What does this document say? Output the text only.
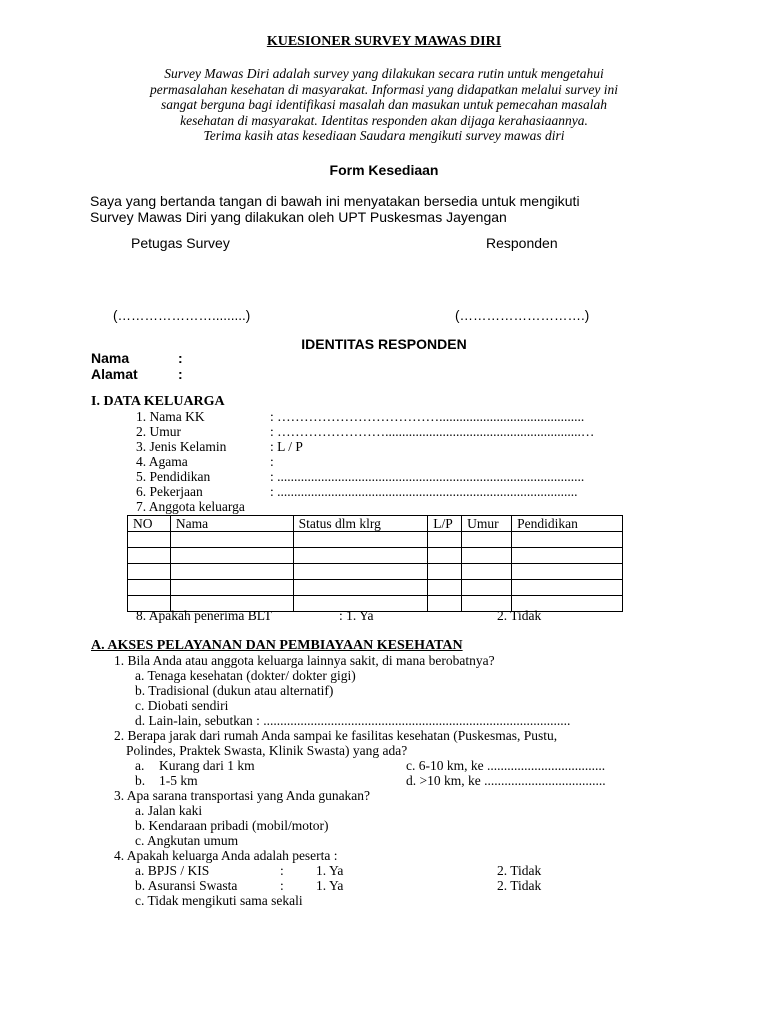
KUESIONER SURVEY MAWAS DIRI
Survey Mawas Diri adalah survey yang dilakukan secara rutin untuk mengetahui
permasalahan kesehatan di masyarakat. Informasi yang didapatkan melalui survey ini
sangat berguna bagi identifikasi masalah dan masukan untuk pemecahan masalah
kesehatan di masyarakat. Identitas responden akan dijaga kerahasiaannya.
Terima kasih atas kesediaan Saudara mengikuti survey mawas diri
Form Kesediaan
Saya yang bertanda tangan di bawah ini menyatakan bersedia untuk mengikuti
Survey Mawas Diri yang dilakukan oleh UPT Puskesmas Jayengan
Petugas Survey	Responden
(………………….........)	(……………………….)
IDENTITAS RESPONDEN
Nama	:
Alamat	:
I. DATA KELUARGA
1. Nama KK	: ………………………………...........................................
2. Umur	: ……………………..........................................................…
3. Jenis Kelamin	: L / P
4. Agama	:
5. Pendidikan	: ...........................................................................................
6. Pekerjaan	: .........................................................................................
7. Anggota keluarga
NO	Nama	Status dlm klrg	L/P	Umur	Pendidikan

8. Apakah penerima BLT	: 1. Ya	2. Tidak
A. AKSES PELAYANAN DAN PEMBIAYAAN KESEHATAN
1. Bila Anda atau anggota keluarga lainnya sakit, di mana berobatnya?
a. Tenaga kesehatan (dokter/ dokter gigi)
b. Tradisional (dukun atau alternatif)
c. Diobati sendiri
d. Lain-lain, sebutkan : ...........................................................................................
2. Berapa jarak dari rumah Anda sampai ke fasilitas kesehatan (Puskesmas, Pustu,
Polindes, Praktek Swasta, Klinik Swasta) yang ada?
a. Kurang dari 1 km	c. 6-10 km, ke ...................................
b. 1-5 km	d. >10 km, ke ....................................
3. Apa sarana transportasi yang Anda gunakan?
a. Jalan kaki
b. Kendaraan pribadi (mobil/motor)
c. Angkutan umum
4. Apakah keluarga Anda adalah peserta :
a. BPJS / KIS	: 1. Ya	2. Tidak
b. Asuransi Swasta	: 1. Ya	2. Tidak
c. Tidak mengikuti sama sekali
